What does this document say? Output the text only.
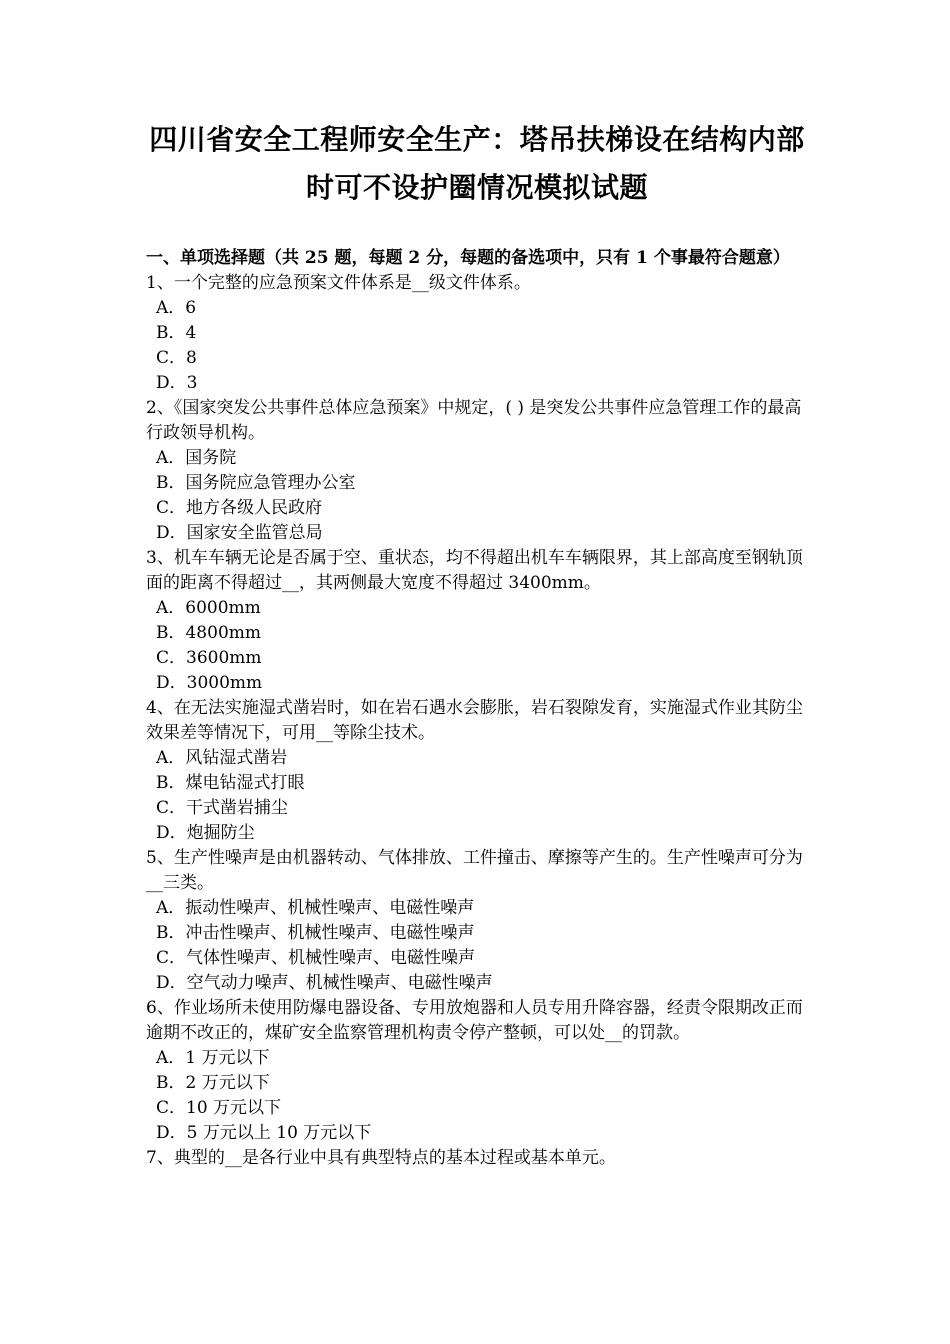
四川省安全工程师安全生产：塔吊扶梯设在结构内部时可不设护圈情况模拟试题
一、单项选择题（共 25 题，每题 2 分，每题的备选项中，只有 1 个事最符合题意）
1、一个完整的应急预案文件体系是__级文件体系。
A．6
B．4
C．8
D．3
2、《国家突发公共事件总体应急预案》中规定，( ) 是突发公共事件应急管理工作的最高行政领导机构。
A．国务院
B．国务院应急管理办公室
C．地方各级人民政府
D．国家安全监管总局
3、机车车辆无论是否属于空、重状态，均不得超出机车车辆限界，其上部高度至钢轨顶面的距离不得超过__，其两侧最大宽度不得超过 3400mm。
A．6000mm
B．4800mm
C．3600mm
D．3000mm
4、在无法实施湿式凿岩时，如在岩石遇水会膨胀，岩石裂隙发育，实施湿式作业其防尘效果差等情况下，可用__等除尘技术。
A．风钻湿式凿岩
B．煤电钻湿式打眼
C．干式凿岩捕尘
D．炮掘防尘
5、生产性噪声是由机器转动、气体排放、工件撞击、摩擦等产生的。生产性噪声可分为__三类。
A．振动性噪声、机械性噪声、电磁性噪声
B．冲击性噪声、机械性噪声、电磁性噪声
C．气体性噪声、机械性噪声、电磁性噪声
D．空气动力噪声、机械性噪声、电磁性噪声
6、作业场所未使用防爆电器设备、专用放炮器和人员专用升降容器，经责令限期改正而逾期不改正的，煤矿安全监察管理机构责令停产整顿，可以处__的罚款。
A．1 万元以下
B．2 万元以下
C．10 万元以下
D．5 万元以上 10 万元以下
7、典型的__是各行业中具有典型特点的基本过程或基本单元。
